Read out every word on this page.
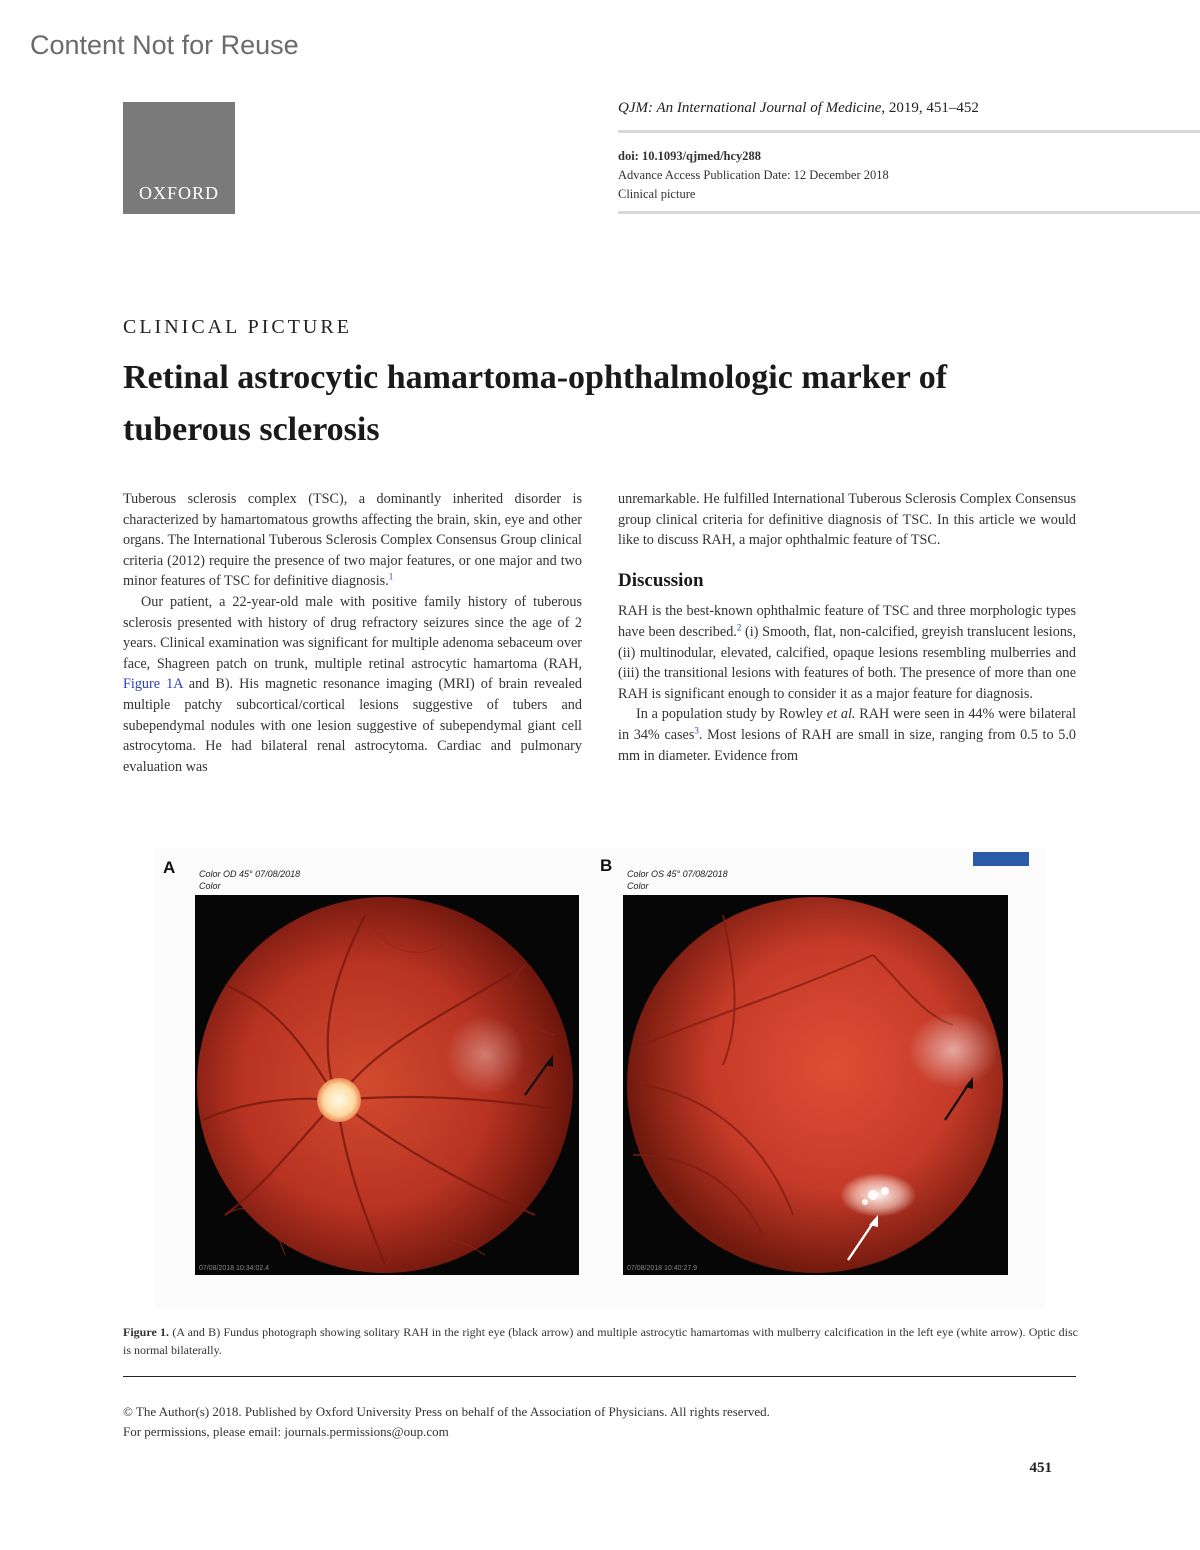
Content Not for Reuse
OXFORD
QJM: An International Journal of Medicine, 2019, 451–452
doi: 10.1093/qjmed/hcy288
Advance Access Publication Date: 12 December 2018
Clinical picture
CLINICAL PICTURE
Retinal astrocytic hamartoma-ophthalmologic marker of tuberous sclerosis

Tuberous sclerosis complex (TSC), a dominantly inherited disorder is characterized by hamartomatous growths affecting the brain, skin, eye and other organs. The International Tuberous Sclerosis Complex Consensus Group clinical criteria (2012) require the presence of two major features, or one major and two minor features of TSC for definitive diagnosis.$^1$

Our patient, a 22-year-old male with positive family history of tuberous sclerosis presented with history of drug refractory seizures since the age of 2 years. Clinical examination was significant for multiple adenoma sebaceum over face, Shagreen patch on trunk, multiple retinal astrocytic hamartoma (RAH, Figure 1A and B). His magnetic resonance imaging (MRI) of brain revealed multiple patchy subcortical/cortical lesions suggestive of tubers and subependymal nodules with one lesion suggestive of subependymal giant cell astrocytoma. He had bilateral renal astrocytoma. Cardiac and pulmonary evaluation was

unremarkable. He fulfilled International Tuberous Sclerosis Complex Consensus group clinical criteria for definitive diagnosis of TSC. In this article we would like to discuss RAH, a major ophthalmic feature of TSC.

Discussion

RAH is the best-known ophthalmic feature of TSC and three morphologic types have been described.$^2$ (i) Smooth, flat, non-calcified, greyish translucent lesions, (ii) multinodular, elevated, calcified, opaque lesions resembling mulberries and (iii) the transitional lesions with features of both. The presence of more than one RAH is significant enough to consider it as a major feature for diagnosis.

In a population study by Rowley et al. RAH were seen in 44% were bilateral in 34% cases$^3$. Most lesions of RAH are small in size, ranging from 0.5 to 5.0 mm in diameter. Evidence from

A	Color OD 45° 07/08/2018
Color
07/08/2018 10:34:02.4
B Color OS 45° 07/08/2018
Color
07/08/2018 10:40:27.9
Figure 1. (A and B) Fundus photograph showing solitary RAH in the right eye (black arrow) and multiple astrocytic hamartomas with mulberry calcification in the left eye (white arrow). Optic disc is normal bilaterally.
© The Author(s) 2018. Published by Oxford University Press on behalf of the Association of Physicians. All rights reserved.
For permissions, please email: journals.permissions@oup.com
451
